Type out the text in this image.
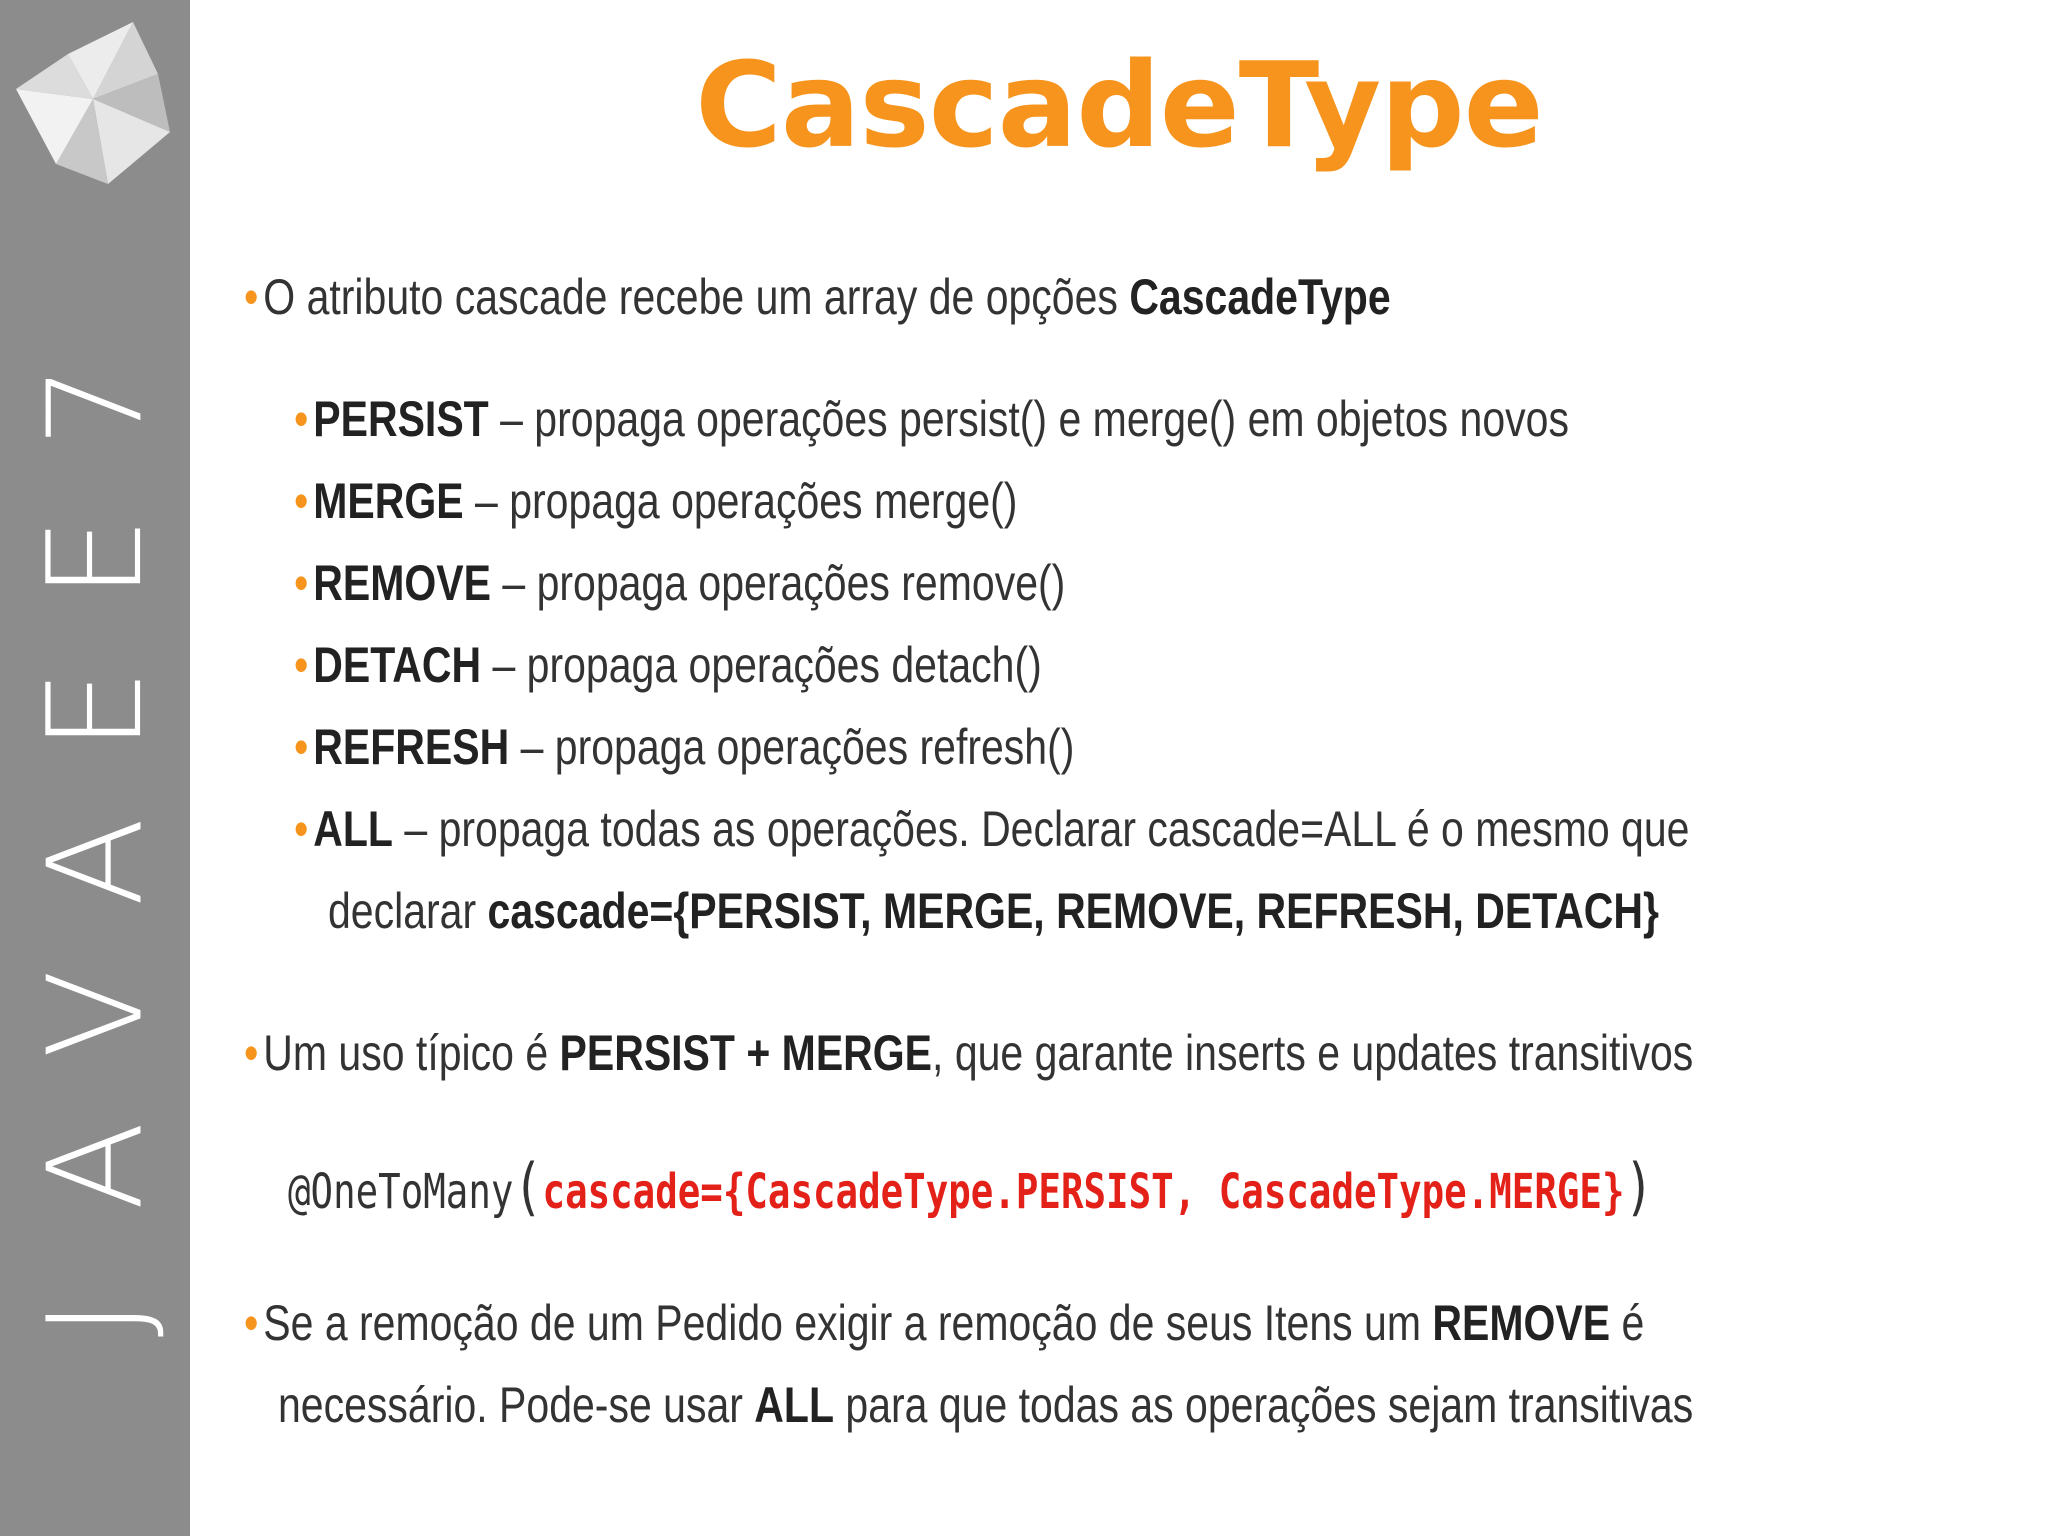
7
E
E
A
V
A
J
CascadeType
•O atributo cascade recebe um array de opções CascadeType
•PERSIST – propaga operações persist() e merge() em objetos novos
•MERGE – propaga operações merge()
•REMOVE – propaga operações remove()
•DETACH – propaga operações detach()
•REFRESH – propaga operações refresh()
•ALL – propaga todas as operações. Declarar cascade=ALL é o mesmo que
declarar cascade={PERSIST, MERGE, REMOVE, REFRESH, DETACH}
•Um uso típico é PERSIST + MERGE, que garante inserts e updates transitivos
@OneToMany(cascade={CascadeType.PERSIST, CascadeType.MERGE})
•Se a remoção de um Pedido exigir a remoção de seus Itens um REMOVE é
necessário. Pode-se usar ALL para que todas as operações sejam transitivas
